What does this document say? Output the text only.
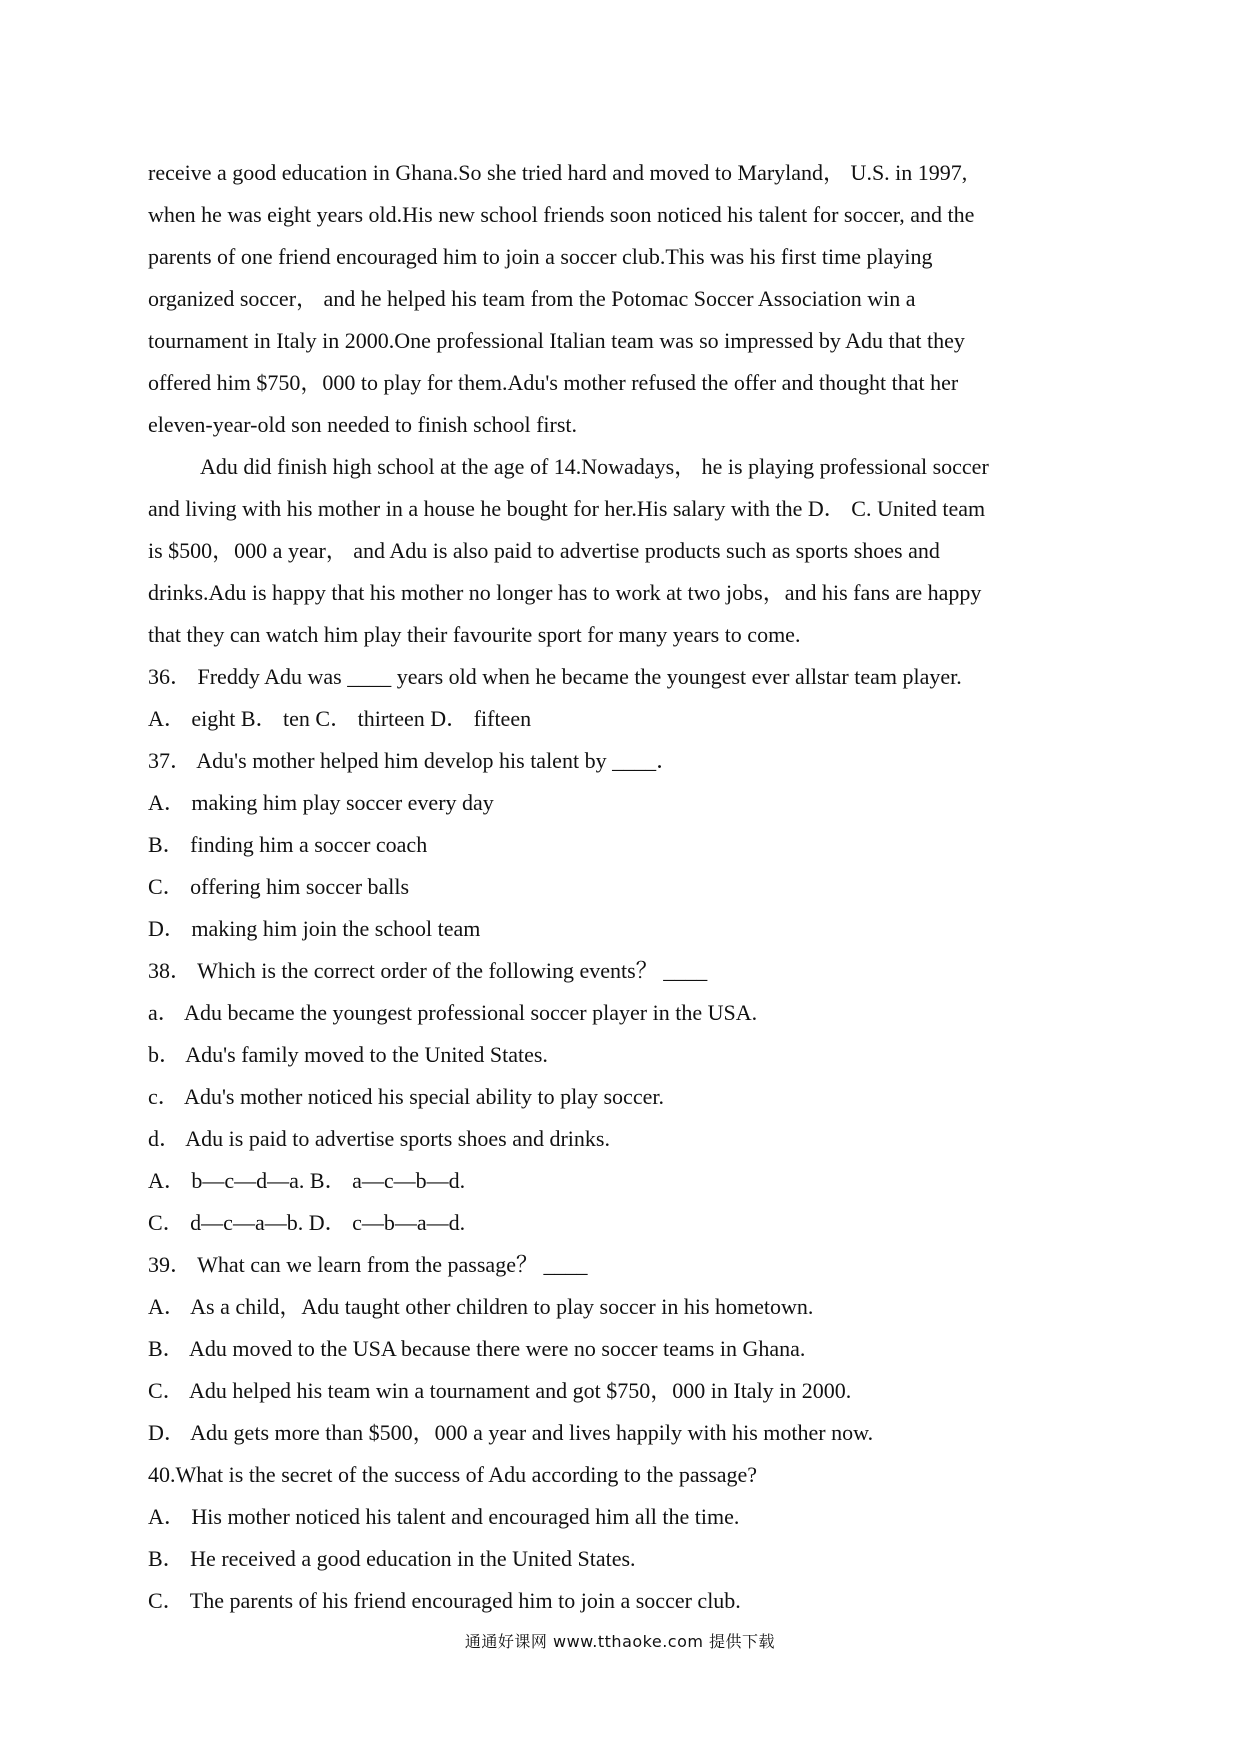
receive a good education in Ghana.So she tried hard and moved to Maryland， U.S. in 1997,
when he was eight years old.His new school friends soon noticed his talent for soccer, and the
parents of one friend encouraged him to join a soccer club.This was his first time playing
organized soccer， and he helped his team from the Potomac Soccer Association win a
tournament in Italy in 2000.One professional Italian team was so impressed by Adu that they
offered him $750，000 to play for them.Adu's mother refused the offer and thought that her
eleven-year-old son needed to finish school first.
Adu did finish high school at the age of 14.Nowadays， he is playing professional soccer
and living with his mother in a house he bought for her.His salary with the D． C. United team
is $500，000 a year， and Adu is also paid to advertise products such as sports shoes and
drinks.Adu is happy that his mother no longer has to work at two jobs，and his fans are happy
that they can watch him play their favourite sport for many years to come.

36． Freddy Adu was ____ years old when he became the youngest ever allstar team player.

A． eight B． ten C． thirteen D． fifteen

37． Adu's mother helped him develop his talent by ____．

A． making him play soccer every day

B． finding him a soccer coach

C． offering him soccer balls

D． making him join the school team

38． Which is the correct order of the following events？ ____

a． Adu became the youngest professional soccer player in the USA.

b． Adu's family moved to the United States.

c． Adu's mother noticed his special ability to play soccer.

d． Adu is paid to advertise sports shoes and drinks.

A． b—c—d—a. B． a—c—b—d.

C． d—c—a—b. D． c—b—a—d.

39． What can we learn from the passage？ ____

A． As a child，Adu taught other children to play soccer in his hometown.

B． Adu moved to the USA because there were no soccer teams in Ghana.

C． Adu helped his team win a tournament and got $750，000 in Italy in 2000.

D． Adu gets more than $500，000 a year and lives happily with his mother now.

40.What is the secret of the success of Adu according to the passage?

A． His mother noticed his talent and encouraged him all the time.

B． He received a good education in the United States.

C． The parents of his friend encouraged him to join a soccer club.

通通好课网 www.tthaoke.com 提供下载
